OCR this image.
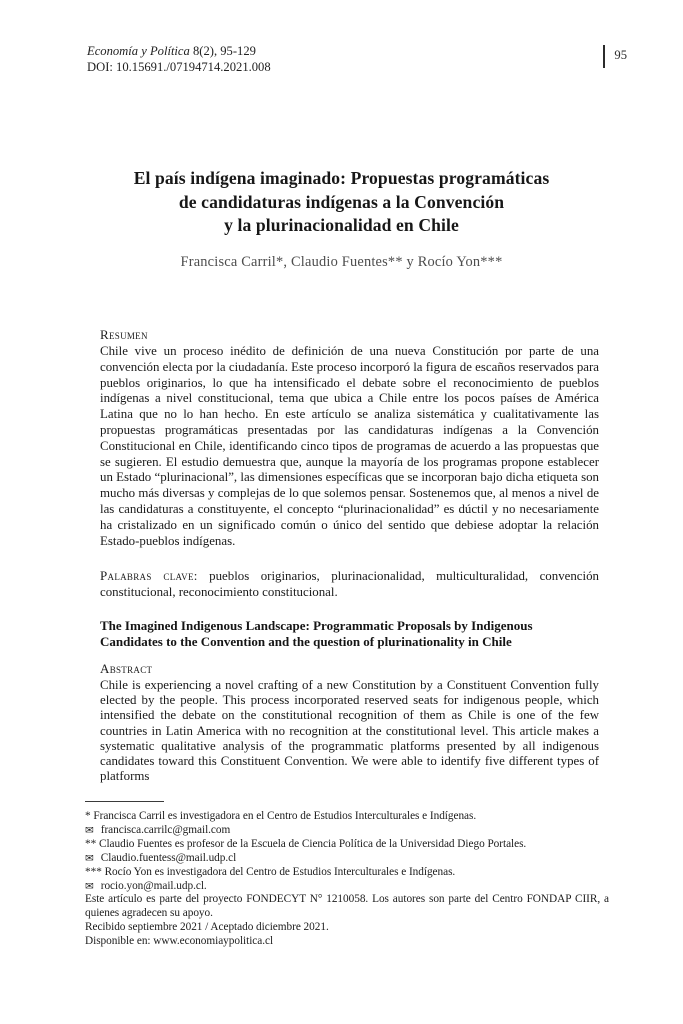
Economía y Política 8(2), 95-129
DOI: 10.15691./07194714.2021.008
95
El país indígena imaginado: Propuestas programáticas
de candidaturas indígenas a la Convención
y la plurinacionalidad en Chile
Francisca Carril*, Claudio Fuentes** y Rocío Yon***
Resumen
Chile vive un proceso inédito de definición de una nueva Constitución por parte de una convención electa por la ciudadanía. Este proceso incorporó la figura de escaños reservados para pueblos originarios, lo que ha intensificado el debate sobre el reconocimiento de pueblos indígenas a nivel constitucional, tema que ubica a Chile entre los pocos países de América Latina que no lo han hecho. En este artículo se analiza sistemática y cualitativamente las propuestas programáticas presentadas por las candidaturas indígenas a la Convención Constitucional en Chile, identificando cinco tipos de programas de acuerdo a las propuestas que se sugieren. El estudio demuestra que, aunque la mayoría de los programas propone establecer un Estado “plurinacional”, las dimensiones específicas que se incorporan bajo dicha etiqueta son mucho más diversas y complejas de lo que solemos pensar. Sostenemos que, al menos a nivel de las candidaturas a constituyente, el concepto “plurinacionalidad” es dúctil y no necesariamente ha cristalizado en un significado común o único del sentido que debiese adoptar la relación Estado-pueblos indígenas.
Palabras clave: pueblos originarios, plurinacionalidad, multiculturalidad, convención constitucional, reconocimiento constitucional.
The Imagined Indigenous Landscape: Programmatic Proposals by Indigenous
Candidates to the Convention and the question of plurinationality in Chile
Abstract
Chile is experiencing a novel crafting of a new Constitution by a Constituent Convention fully elected by the people. This process incorporated reserved seats for indigenous people, which intensified the debate on the constitutional recognition of them as Chile is one of the few countries in Latin America with no recognition at the constitutional level. This article makes a systematic qualitative analysis of the programmatic platforms presented by all indigenous candidates toward this Constituent Convention. We were able to identify five different types of platforms
* Francisca Carril es investigadora en el Centro de Estudios Interculturales e Indígenas.
✉ francisca.carrilc@gmail.com
** Claudio Fuentes es profesor de la Escuela de Ciencia Política de la Universidad Diego Portales.
✉ Claudio.fuentess@mail.udp.cl
*** Rocío Yon es investigadora del Centro de Estudios Interculturales e Indígenas.
✉ rocio.yon@mail.udp.cl.
Este artículo es parte del proyecto FONDECYT N° 1210058. Los autores son parte del Centro FONDAP CIIR, a quienes agradecen su apoyo.
Recibido septiembre 2021 / Aceptado diciembre 2021.
Disponible en: www.economiaypolitica.cl
